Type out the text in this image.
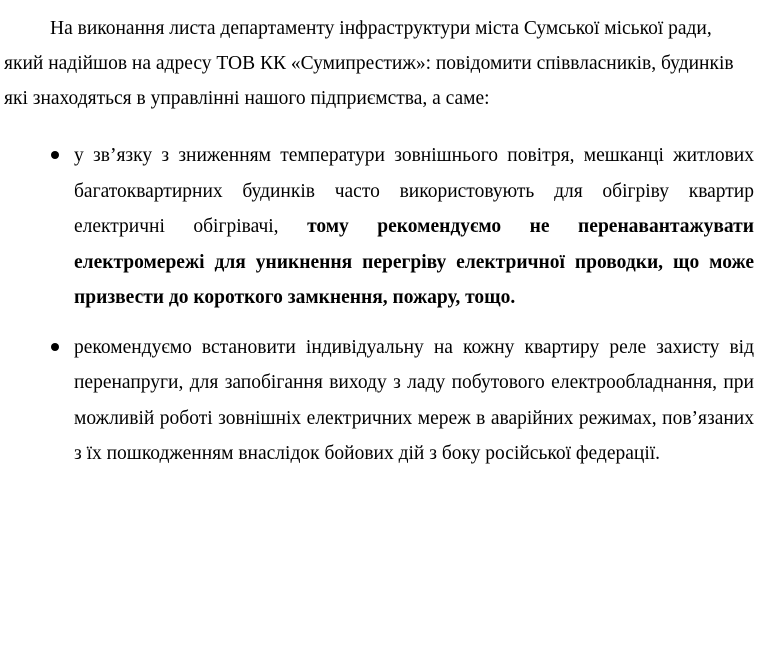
На виконання листа департаменту інфраструктури міста Сумської міської ради, який надійшов на адресу ТОВ КК «Сумипрестиж»: повідомити співвласників, будинків які знаходяться в управлінні нашого підприємства, а саме:

у зв’язку з зниженням температури зовнішнього повітря, мешканці житлових багатоквартирних будинків часто використовують для обігріву квартир електричні обігрівачі, тому рекомендуємо не перенавантажувати електромережі для уникнення перегріву електричної проводки, що може призвести до короткого замкнення, пожару, тощо.
рекомендуємо встановити індивідуальну на кожну квартиру реле захисту від перенапруги, для запобігання виходу з ладу побутового електрообладнання, при можливій роботі зовнішніх електричних мереж в аварійних режимах, пов’язаних з їх пошкодженням внаслідок бойових дій з боку російської федерації.
